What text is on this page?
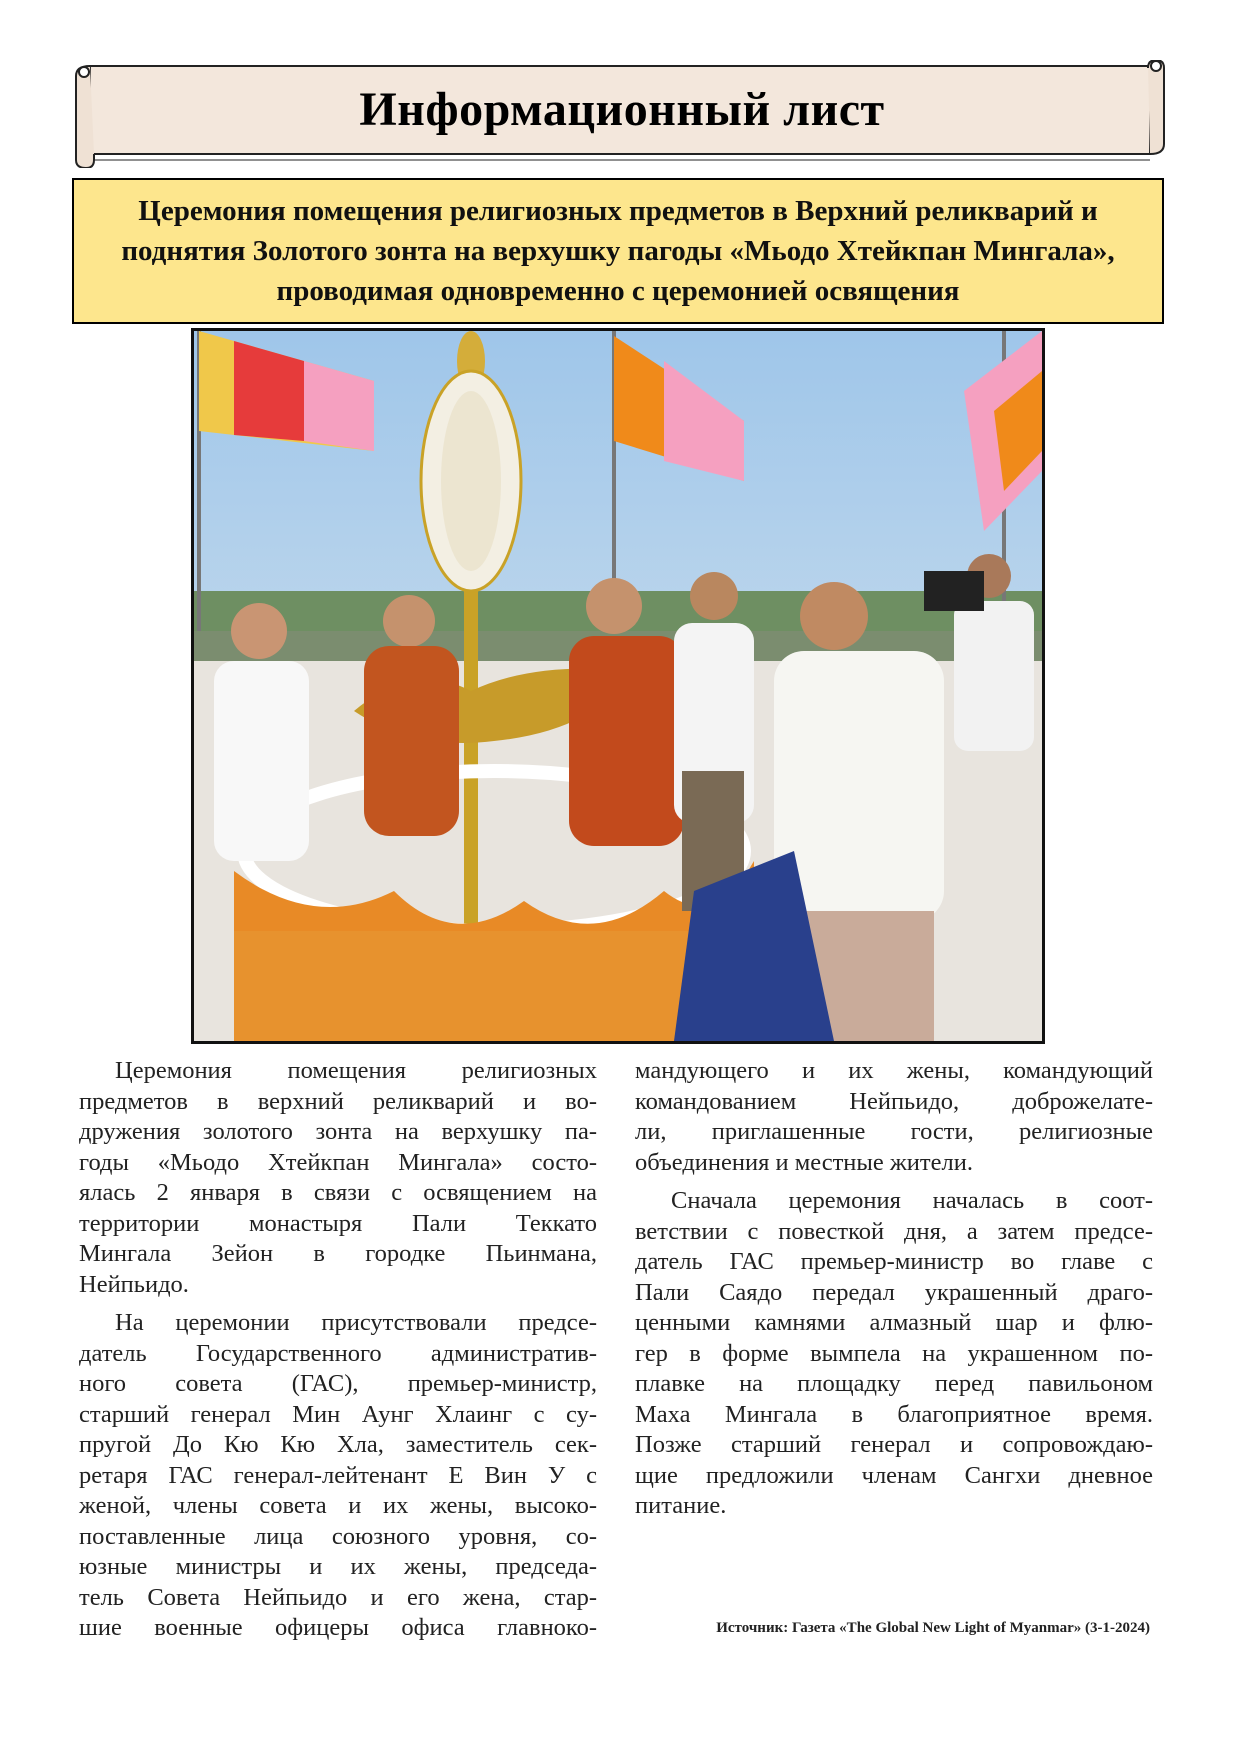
Информационный лист
Церемония помещения религиозных предметов в Верхний реликварий и
поднятия Золотого зонта на верхушку пагоды «Мьодо Хтейкпан Мингала»,
проводимая одновременно с церемонией освящения
Церемония помещения религиозных
предметов в верхний реликварий и во-
дружения золотого зонта на верхушку па-
годы «Мьодо Хтейкпан Мингала» состо-
ялась 2 января в связи с освящением на
территории монастыря Пали Теккато
Мингала Зейон в городке Пьинмана,
Нейпьидо.
На церемонии присутствовали предсе-
датель Государственного административ-
ного совета (ГАС), премьер-министр,
старший генерал Мин Аунг Хлаинг с су-
пругой До Кю Кю Хла, заместитель сек-
ретаря ГАС генерал-лейтенант Е Вин У с
женой, члены совета и их жены, высоко-
поставленные лица союзного уровня, со-
юзные министры и их жены, председа-
тель Совета Нейпьидо и его жена, стар-
шие военные офицеры офиса главноко-
мандующего и их жены, командующий
командованием Нейпьидо, доброжелате-
ли, приглашенные гости, религиозные
объединения и местные жители.
Сначала церемония началась в соот-
ветствии с повесткой дня, а затем предсе-
датель ГАС премьер-министр во главе с
Пали Саядо передал украшенный драго-
ценными камнями алмазный шар и флю-
гер в форме вымпела на украшенном по-
плавке на площадку перед павильоном
Маха Мингала в благоприятное время.
Позже старший генерал и сопровождаю-
щие предложили членам Сангхи дневное
питание.
Источник: Газета «The Global New Light of Myanmar» (3-1-2024)
